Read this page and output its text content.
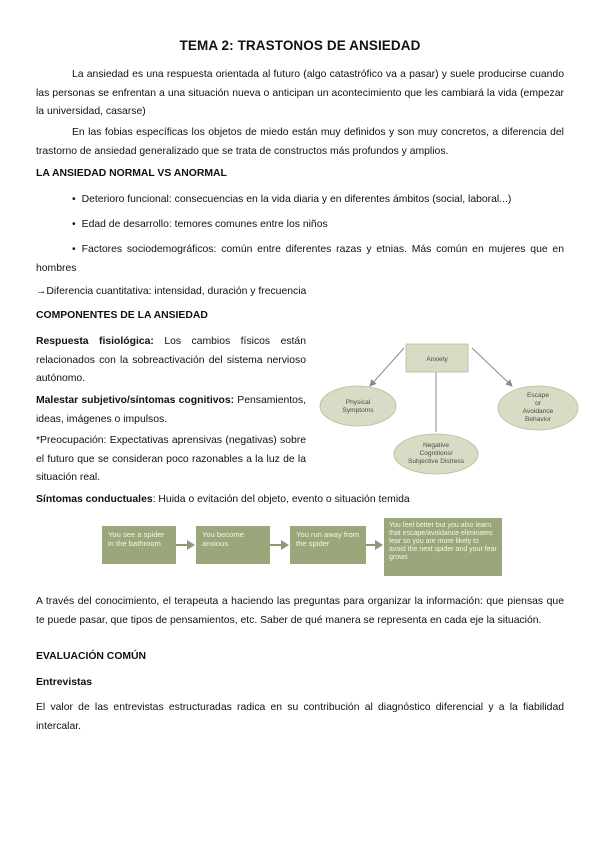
TEMA 2: TRASTONOS DE ANSIEDAD

La ansiedad es una respuesta orientada al futuro (algo catastrófico va a pasar) y suele producirse cuando las personas se enfrentan a una situación nueva o anticipan un acontecimiento que les cambiará la vida (empezar la universidad, casarse)

En las fobias específicas los objetos de miedo están muy definidos y son muy concretos, a diferencia del trastorno de ansiedad generalizado que se trata de constructos más profundos y amplios.

LA ANSIEDAD NORMAL VS ANORMAL

• Deterioro funcional: consecuencias en la vida diaria y en diferentes ámbitos (social, laboral...)

• Edad de desarrollo: temores comunes entre los niños

• Factores sociodemográficos: común entre diferentes razas y etnias. Más común en mujeres que en hombres

→Diferencia cuantitativa: intensidad, duración y frecuencia

COMPONENTES DE LA ANSIEDAD

Respuesta fisiológica: Los cambios físicos están relacionados con la sobreactivación del sistema nervioso autónomo.

Malestar subjetivo/síntomas cognitivos: Pensamientos, ideas, imágenes o impulsos.

*Preocupación: Expectativas aprensivas (negativas) sobre el futuro que se consideran poco razonables a la luz de la situación real.

Síntomas conductuales: Huida o evitación del objeto, evento o situación temida

A través del conocimiento, el terapeuta a haciendo las preguntas para organizar la información: que piensas que te puede pasar, que tipos de pensamientos, etc. Saber de qué manera se representa en cada eje la situación.

EVALUACIÓN COMÚN

Entrevistas

El valor de las entrevistas estructuradas radica en su contribución al diagnóstico diferencial y a la fiabilidad intercalar.

Anxiety
Physical
Symptoms
Escape
or
Avoidance
Behavior
Negative
Cognitions/
Subjective Distress
You see a spider in the bathroom
You become anxious
You run away from the spider
You feel better but you also learn that escape/avoidance eliminates fear so you are more likely to avoid the next spider and your fear grows
